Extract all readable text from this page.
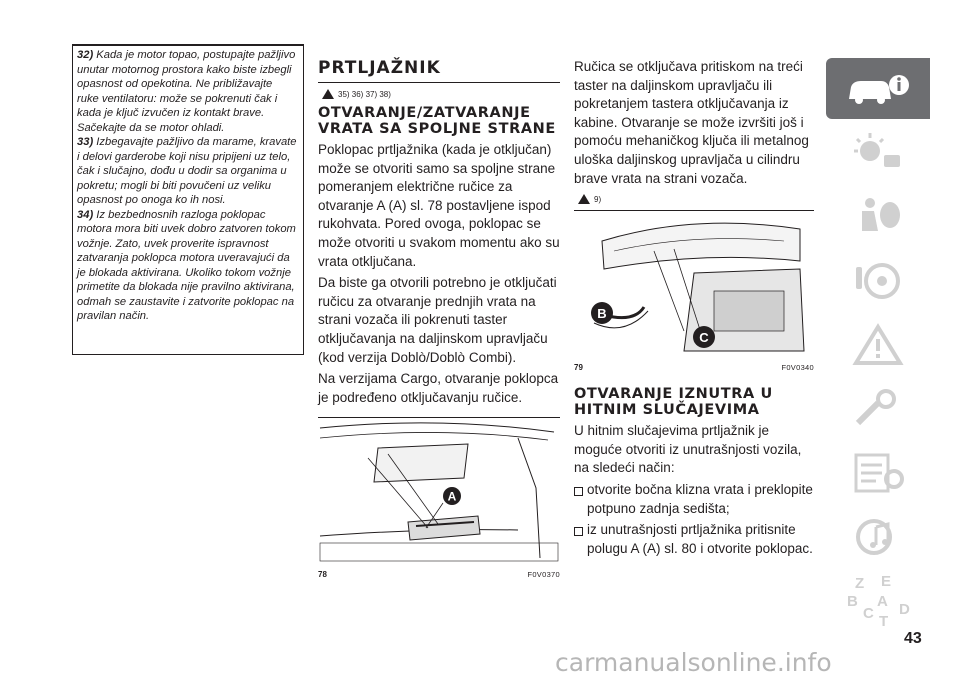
32) Kada je motor topao, postupajte pažljivo unutar motornog prostora kako biste izbegli opasnost od opekotina. Ne približavajte ruke ventilatoru: može se pokrenuti čak i kada je ključ izvučen iz kontakt brave. Sačekajte da se motor ohladi.

33) Izbegavajte pažljivo da marame, kravate i delovi garderobe koji nisu pripijeni uz telo, čak i slučajno, dođu u dodir sa organima u pokretu; mogli bi biti povučeni uz veliku opasnost po onoga ko ih nosi.

34) Iz bezbednosnih razloga poklopac motora mora biti uvek dobro zatvoren tokom vožnje. Zato, uvek proverite ispravnost zatvaranja poklopca motora uveravajući da je blokada aktivirana. Ukoliko tokom vožnje primetite da blokada nije pravilno aktivirana, odmah se zaustavite i zatvorite poklopac na pravilan način.

PRTLJAŽNIK
35) 36) 37) 38)
OTVARANJE/ZATVARANJE VRATA SA SPOLJNE STRANE

Poklopac prtljažnika (kada je otključan) može se otvoriti samo sa spoljne strane pomeranjem električne ručice za otvaranje A (A) sl. 78 postavljene ispod rukohvata. Pored ovoga, poklopac se može otvoriti u svakom momentu ako su vrata otključana.

Da biste ga otvorili potrebno je otključati ručicu za otvaranje prednjih vrata na strani vozača ili pokrenuti taster otključavanja na daljinskom upravljaču (kod verzija Doblò/Doblò Combi).

Na verzijama Cargo, otvaranje poklopca je podređeno otključavanju ručice.

A
78	F0V0370

Ručica se otključava pritiskom na treći taster na daljinskom upravljaču ili pokretanjem tastera otključavanja iz kabine. Otvaranje se može izvršiti još i pomoću mehaničkog ključa ili metalnog uloška daljinskog upravljača u cilindru brave vrata na strani vozača.

9)
B
C
79	F0V0340
OTVARANJE IZNUTRA U HITNIM SLUČAJEVIMA

U hitnim slučajevima prtljažnik je moguće otvoriti iz unutrašnjosti vozila, na sledeći način:

otvorite bočna klizna vrata i preklopite potpuno zadnja sedišta;

iz unutrašnjosti prtljažnika pritisnite polugu A (A) sl. 80 i otvorite poklopac.

Z E
B A
C D
T
43
carmanualsonline.info
